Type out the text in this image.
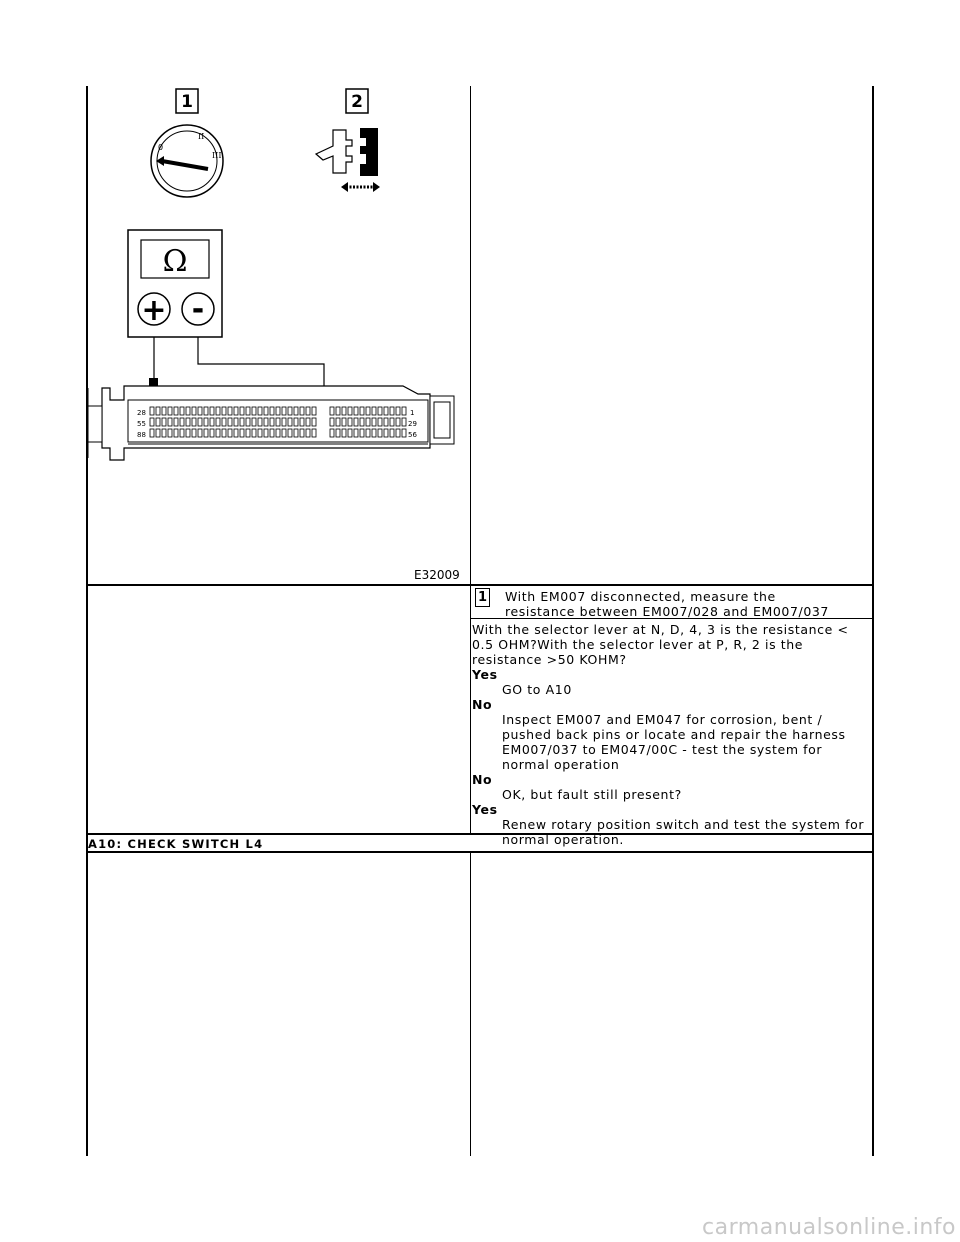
1	2
0
II
III
Ω
+ -
28
55
88
1
29
56
E32009
1 With EM007 disconnected, measure the resistance between EM007/028 and EM007/037
With the selector lever at N, D, 4, 3 is the resistance < 0.5 OHM?With the selector lever at P, R, 2 is the resistance >50 KOHM?
Yes
GO to A10
No
Inspect EM007 and EM047 for corrosion, bent / pushed back pins or locate and repair the harness EM007/037 to EM047/00C - test the system for normal operation
No
OK, but fault still present?
Yes
Renew rotary position switch and test the system for normal operation.
A10: CHECK SWITCH L4
carmanualsonline.info
